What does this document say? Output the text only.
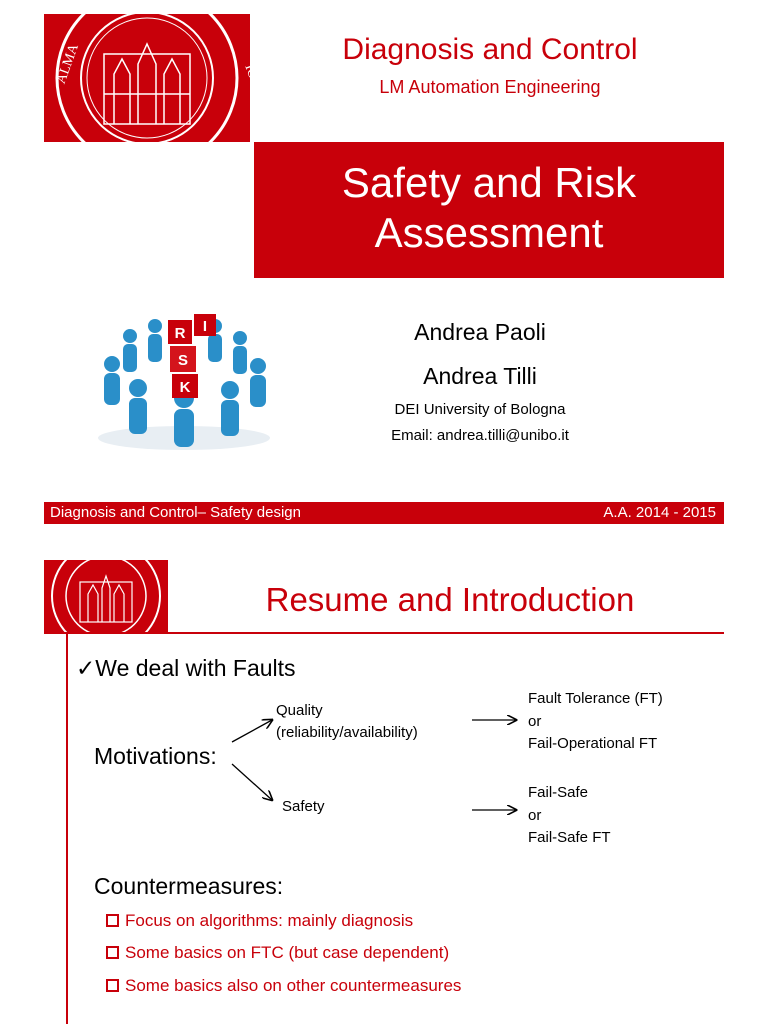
ALMA	IORUM
Diagnosis and Control
LM Automation Engineering
Safety and Risk
Assessment
R I
S
K
Andrea Paoli
Andrea Tilli
DEI University of Bologna
Email: andrea.tilli@unibo.it
Diagnosis and Control– Safety design	A.A. 2014 - 2015
Resume and Introduction
✓We deal with Faults
Motivations:
Quality
(reliability/availability)
Safety
Fault Tolerance (FT)
or
Fail-Operational FT
Fail-Safe
or
Fail-Safe FT
Countermeasures:
Focus on algorithms: mainly diagnosis
Some basics on FTC (but case dependent)
Some basics also on other countermeasures
